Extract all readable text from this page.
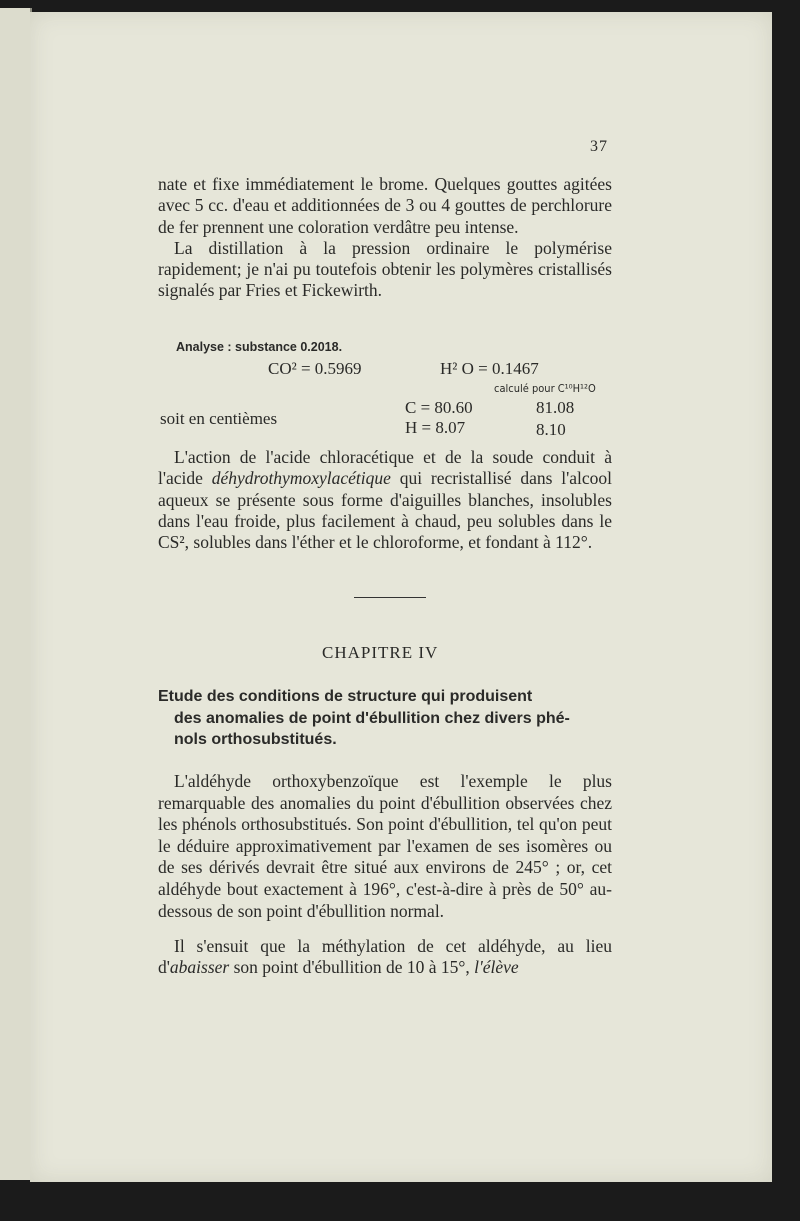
37

nate et fixe immédiatement le brome. Quelques gouttes agitées avec 5 cc. d'eau et additionnées de 3 ou 4 gouttes de perchlorure de fer prennent une coloration verdâtre peu intense.

La distillation à la pression ordinaire le polymérise rapidement; je n'ai pu toutefois obtenir les polymères cristallisés signalés par Fries et Fickewirth.

Analyse : substance 0.2018.
CO² = 0.5969	H² O = 0.1467
calculé pour C¹⁰H¹²O
soit en centièmes
C = 80.60	81.08
H = 8.07	8.10

L'action de l'acide chloracétique et de la soude conduit à l'acide déhydrothymoxylacétique qui recristallisé dans l'alcool aqueux se présente sous forme d'aiguilles blanches, insolubles dans l'eau froide, plus facilement à chaud, peu solubles dans le CS², solubles dans l'éther et le chloroforme, et fondant à 112°.

CHAPITRE IV

Etude des conditions de structure qui produisent

des anomalies de point d'ébullition chez divers phé-

nols orthosubstitués.

L'aldéhyde orthoxybenzoïque est l'exemple le plus remarquable des anomalies du point d'ébullition observées chez les phénols orthosubstitués. Son point d'ébullition, tel qu'on peut le déduire approximativement par l'examen de ses isomères ou de ses dérivés devrait être situé aux environs de 245° ; or, cet aldéhyde bout exactement à 196°, c'est-à-dire à près de 50° au-dessous de son point d'ébullition normal.

Il s'ensuit que la méthylation de cet aldéhyde, au lieu d'abaisser son point d'ébullition de 10 à 15°, l'élève
